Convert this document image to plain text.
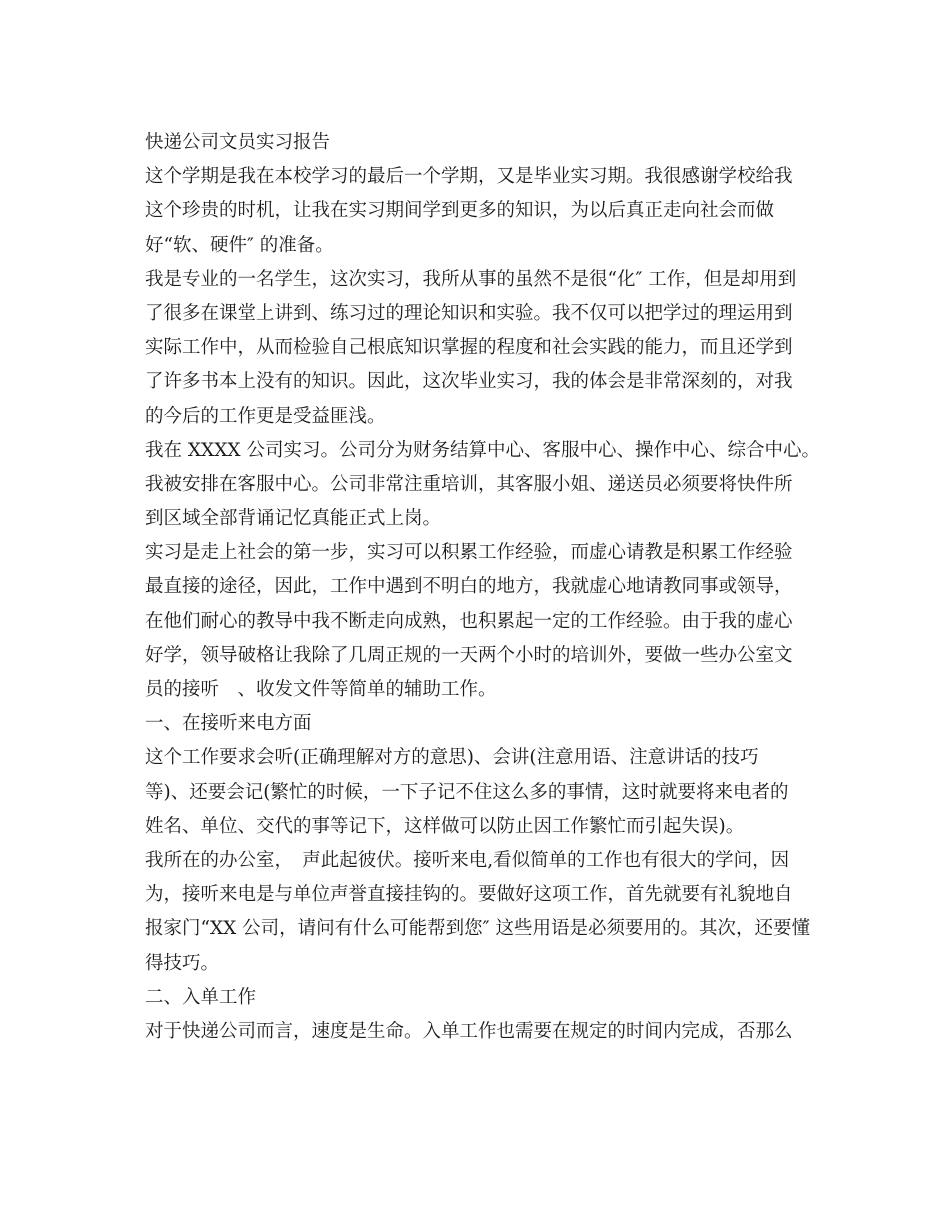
快递公司文员实习报告
这个学期是我在本校学习的最后一个学期，又是毕业实习期。我很感谢学校给我
这个珍贵的时机，让我在实习期间学到更多的知识，为以后真正走向社会而做
好“软、硬件″ 的准备。
我是专业的一名学生，这次实习，我所从事的虽然不是很“化″ 工作，但是却用到
了很多在课堂上讲到、练习过的理论知识和实验。我不仅可以把学过的理运用到
实际工作中，从而检验自己根底知识掌握的程度和社会实践的能力，而且还学到
了许多书本上没有的知识。因此，这次毕业实习，我的体会是非常深刻的，对我
的今后的工作更是受益匪浅。
我在 XXXX 公司实习。公司分为财务结算中心、客服中心、操作中心、综合中心。
我被安排在客服中心。公司非常注重培训，其客服小姐、递送员必须要将快件所
到区域全部背诵记忆真能正式上岗。
实习是走上社会的第一步，实习可以积累工作经验，而虚心请教是积累工作经验
最直接的途径，因此，工作中遇到不明白的地方，我就虚心地请教同事或领导，
在他们耐心的教导中我不断走向成熟，也积累起一定的工作经验。由于我的虚心
好学，领导破格让我除了几周正规的一天两个小时的培训外，要做一些办公室文
员的接听　、收发文件等简单的辅助工作。
一、在接听来电方面
这个工作要求会听(正确理解对方的意思)、会讲(注意用语、注意讲话的技巧
等)、还要会记(繁忙的时候，一下子记不住这么多的事情，这时就要将来电者的
姓名、单位、交代的事等记下，这样做可以防止因工作繁忙而引起失误)。
我所在的办公室，　声此起彼伏。接听来电,看似简单的工作也有很大的学问，因
为，接听来电是与单位声誉直接挂钩的。要做好这项工作，首先就要有礼貌地自
报家门“XX 公司，请问有什么可能帮到您″ 这些用语是必须要用的。其次，还要懂
得技巧。
二、入单工作
对于快递公司而言，速度是生命。入单工作也需要在规定的时间内完成，否那么
